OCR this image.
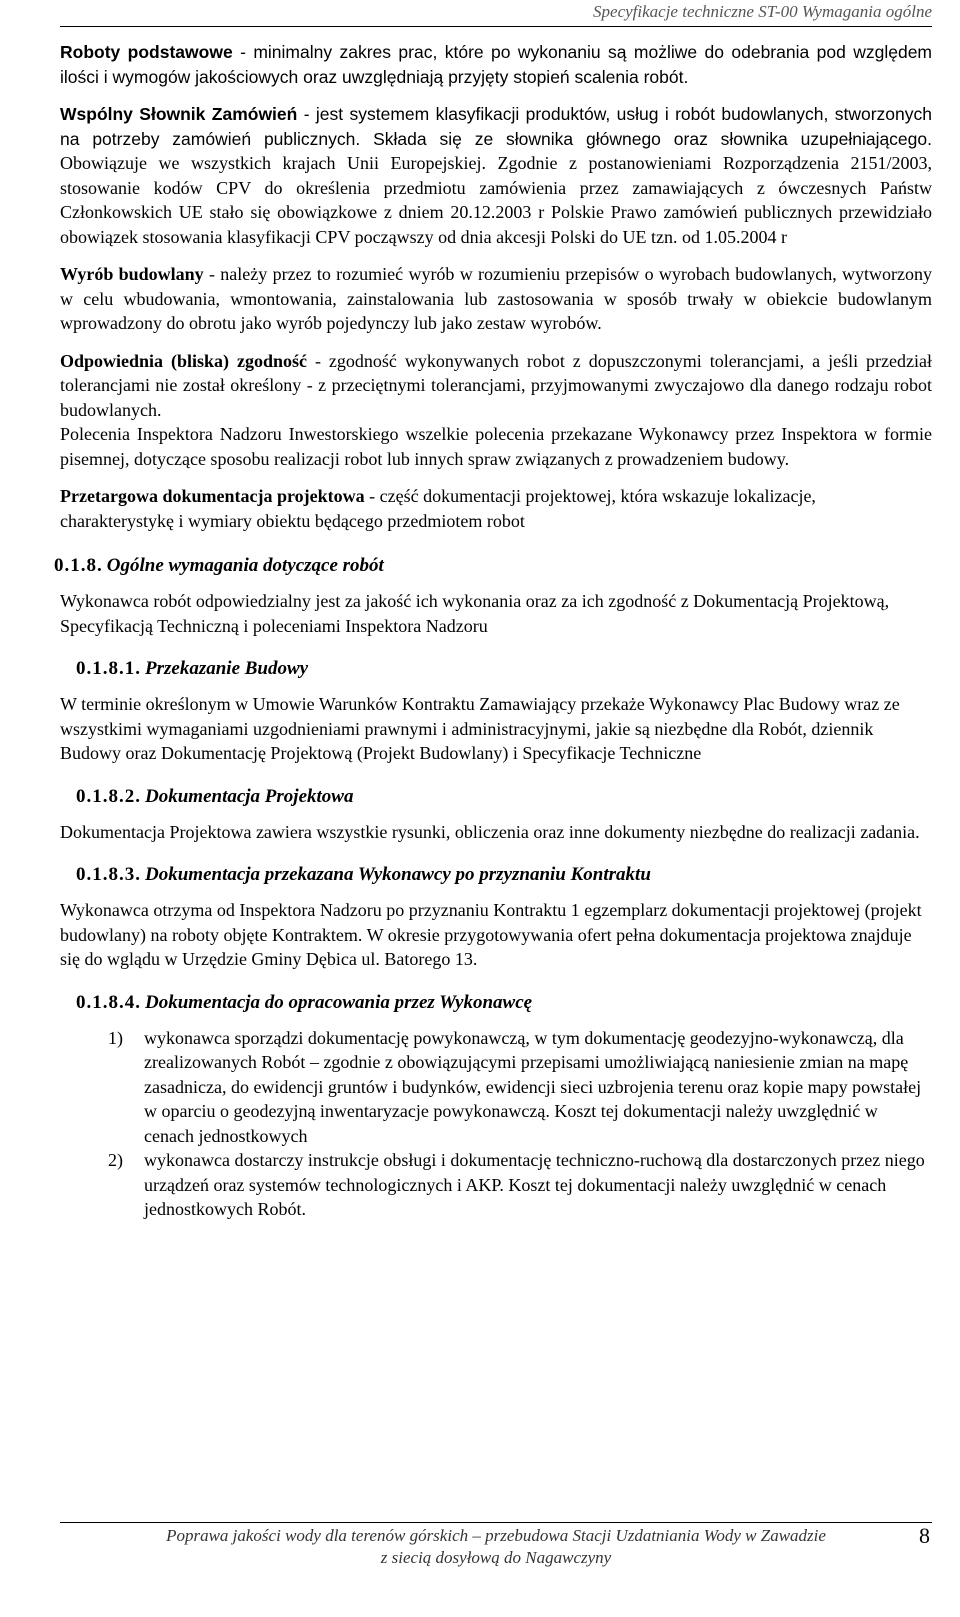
Specyfikacje techniczne ST-00 Wymagania ogólne

Roboty podstawowe - minimalny zakres prac, które po wykonaniu są możliwe do odebrania pod względem ilości i wymogów jakościowych oraz uwzględniają przyjęty stopień scalenia robót.

Wspólny Słownik Zamówień - jest systemem klasyfikacji produktów, usług i robót budowlanych, stworzonych na potrzeby zamówień publicznych. Składa się ze słownika głównego oraz słownika uzupełniającego. Obowiązuje we wszystkich krajach Unii Europejskiej. Zgodnie z postanowieniami Rozporządzenia 2151/2003, stosowanie kodów CPV do określenia przedmiotu zamówienia przez zamawiających z ówczesnych Państw Członkowskich UE stało się obowiązkowe z dniem 20.12.2003 r Polskie Prawo zamówień publicznych przewidziało obowiązek stosowania klasyfikacji CPV począwszy od dnia akcesji Polski do UE tzn. od 1.05.2004 r

Wyrób budowlany - należy przez to rozumieć wyrób w rozumieniu przepisów o wyrobach budowlanych, wytworzony w celu wbudowania, wmontowania, zainstalowania lub zastosowania w sposób trwały w obiekcie budowlanym wprowadzony do obrotu jako wyrób pojedynczy lub jako zestaw wyrobów.

Odpowiednia (bliska) zgodność - zgodność wykonywanych robot z dopuszczonymi tolerancjami, a jeśli przedział tolerancjami nie został określony - z przeciętnymi tolerancjami, przyjmowanymi zwyczajowo dla danego rodzaju robot budowlanych.

Polecenia Inspektora Nadzoru Inwestorskiego wszelkie polecenia przekazane Wykonawcy przez Inspektora w formie pisemnej, dotyczące sposobu realizacji robot lub innych spraw związanych z prowadzeniem budowy.

Przetargowa dokumentacja projektowa - część dokumentacji projektowej, która wskazuje lokalizacje, charakterystykę i wymiary obiektu będącego przedmiotem robot

0.1.8. Ogólne wymagania dotyczące robót

Wykonawca robót odpowiedzialny jest za jakość ich wykonania oraz za ich zgodność z Dokumentacją Projektową, Specyfikacją Techniczną i poleceniami Inspektora Nadzoru

0.1.8.1. Przekazanie Budowy

W terminie określonym w Umowie Warunków Kontraktu Zamawiający przekaże Wykonawcy Plac Budowy wraz ze wszystkimi wymaganiami uzgodnieniami prawnymi i administracyjnymi, jakie są niezbędne dla Robót, dziennik Budowy oraz Dokumentację Projektową (Projekt Budowlany) i Specyfikacje Techniczne

0.1.8.2. Dokumentacja Projektowa

Dokumentacja Projektowa zawiera wszystkie rysunki, obliczenia oraz inne dokumenty niezbędne do realizacji zadania.

0.1.8.3. Dokumentacja przekazana Wykonawcy po przyznaniu Kontraktu

Wykonawca otrzyma od Inspektora Nadzoru po przyznaniu Kontraktu 1 egzemplarz dokumentacji projektowej (projekt budowlany) na roboty objęte Kontraktem. W okresie przygotowywania ofert pełna dokumentacja projektowa znajduje się do wglądu w Urzędzie Gminy Dębica ul. Batorego 13.

0.1.8.4. Dokumentacja do opracowania przez Wykonawcę
1)	wykonawca sporządzi dokumentację powykonawczą, w tym dokumentację geodezyjno-wykonawczą, dla zrealizowanych Robót – zgodnie z obowiązującymi przepisami umożliwiającą naniesienie zmian na mapę zasadnicza, do ewidencji gruntów i budynków, ewidencji sieci uzbrojenia terenu oraz kopie mapy powstałej w oparciu o geodezyjną inwentaryzacje powykonawczą. Koszt tej dokumentacji należy uwzględnić w cenach jednostkowych
2)	wykonawca dostarczy instrukcje obsługi i dokumentację techniczno-ruchową dla dostarczonych przez niego urządzeń oraz systemów technologicznych i AKP. Koszt tej dokumentacji należy uwzględnić w cenach jednostkowych Robót.
Poprawa jakości wody dla terenów górskich – przebudowa Stacji Uzdatniania Wody w Zawadzie
z siecią dosyłową do Nagawczyny
8
